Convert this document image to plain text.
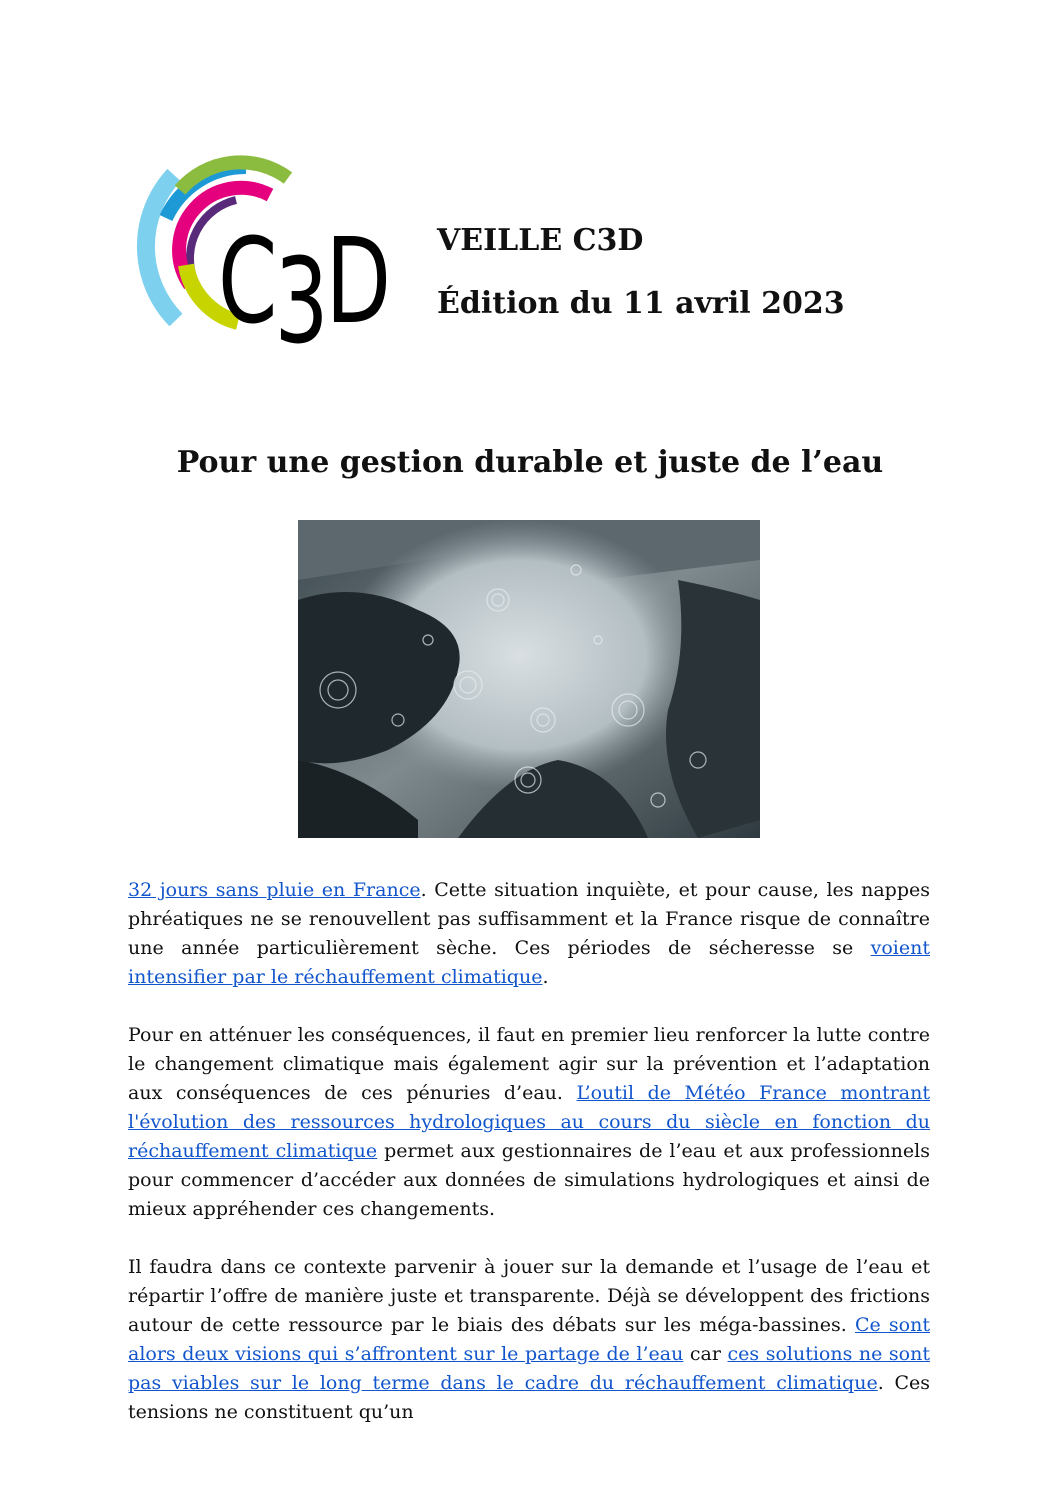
C3D VEILLE C3D
Édition du 11 avril 2023
Pour une gestion durable et juste de l’eau

32 jours sans pluie en France. Cette situation inquiète, et pour cause, les nappes phréatiques ne se renouvellent pas suffisamment et la France risque de connaître une année particulièrement sèche. Ces périodes de sécheresse se voient intensifier par le réchauffement climatique.

Pour en atténuer les conséquences, il faut en premier lieu renforcer la lutte contre le changement climatique mais également agir sur la prévention et l’adaptation aux conséquences de ces pénuries d’eau. L’outil de Météo France montrant l'évolution des ressources hydrologiques au cours du siècle en fonction du réchauffement climatique permet aux gestionnaires de l’eau et aux professionnels pour commencer d’accéder aux données de simulations hydrologiques et ainsi de mieux appréhender ces changements.

Il faudra dans ce contexte parvenir à jouer sur la demande et l’usage de l’eau et répartir l’offre de manière juste et transparente. Déjà se développent des frictions autour de cette ressource par le biais des débats sur les méga-bassines. Ce sont alors deux visions qui s’affrontent sur le partage de l’eau car ces solutions ne sont pas viables sur le long terme dans le cadre du réchauffement climatique. Ces tensions ne constituent qu’un
